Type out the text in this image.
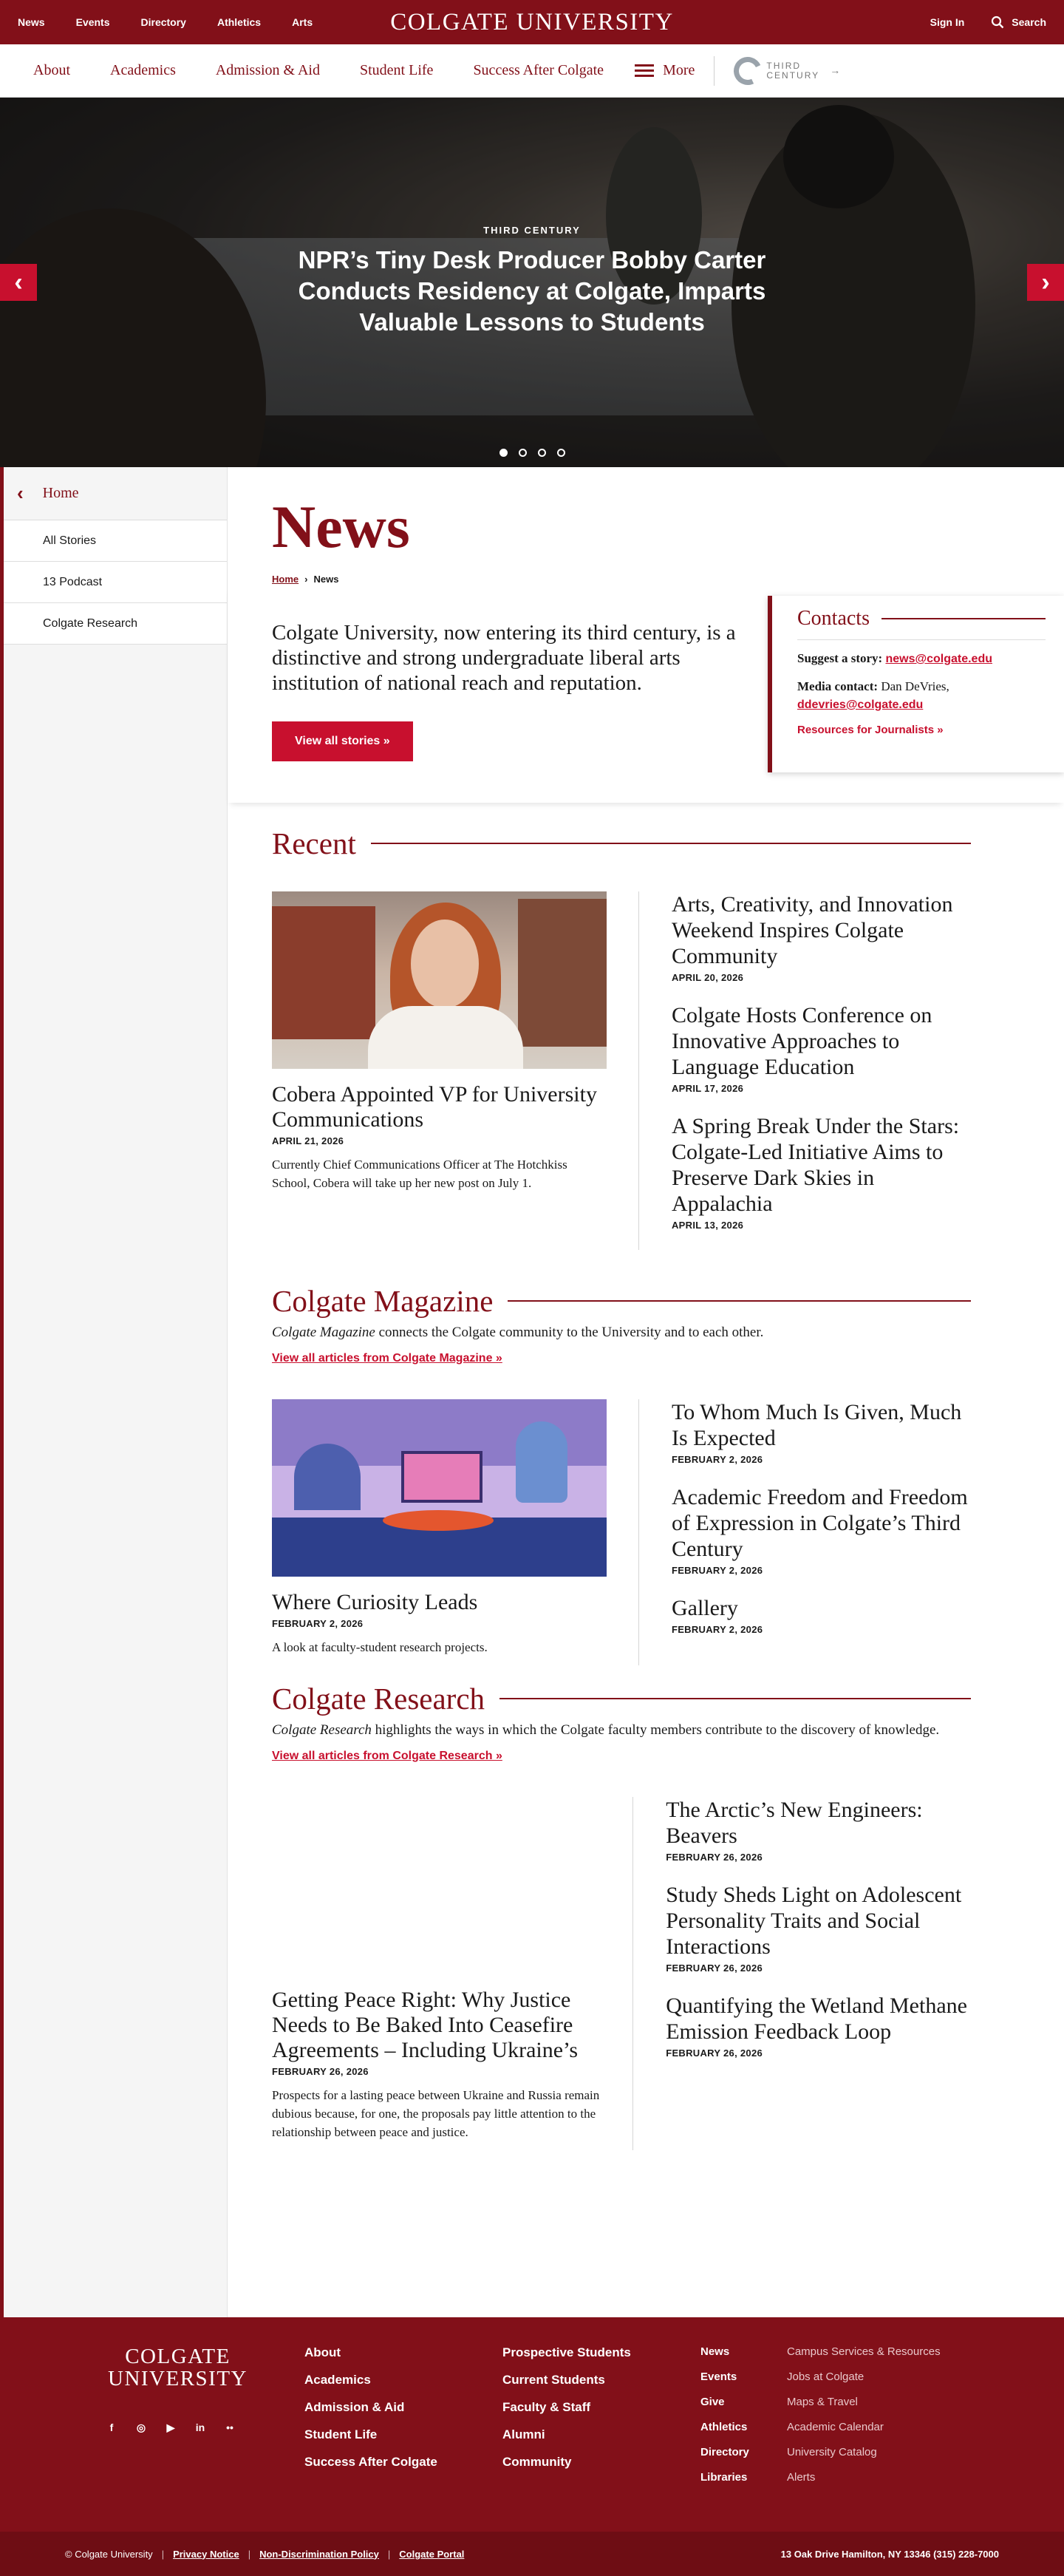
News	Events	Directory	Athletics	Arts	COLGATE UNIVERSITY	Sign In	Search
About	Academics	Admission & Aid	Student Life	Success After Colgate	More	THIRD
CENTURY →
THIRD CENTURY
NPR’s Tiny Desk Producer Bobby Carter Conducts Residency at Colgate, Imparts Valuable Lessons to Students
‹	›
‹ Home
All Stories
13 Podcast
Colgate Research
News
Home › News

Colgate University, now entering its third century, is a distinctive and strong undergraduate liberal arts institution of national reach and reputation.

View all stories »
Contacts

Suggest a story: news@colgate.edu

Media contact: Dan DeVries, ddevries@colgate.edu

Resources for Journalists »
Recent
Cobera Appointed VP for University Communications
APRIL 21, 2026

Currently Chief Communications Officer at The Hotchkiss School, Cobera will take up her new post on July 1.

Arts, Creativity, and Innovation Weekend Inspires Colgate Community
APRIL 20, 2026
Colgate Hosts Conference on Innovative Approaches to Language Education
APRIL 17, 2026
A Spring Break Under the Stars: Colgate-Led Initiative Aims to Preserve Dark Skies in Appalachia
APRIL 13, 2026
Colgate Magazine

Colgate Magazine connects the Colgate community to the University and to each other.

View all articles from Colgate Magazine »
Where Curiosity Leads
FEBRUARY 2, 2026

A look at faculty-student research projects.

To Whom Much Is Given, Much Is Expected
FEBRUARY 2, 2026
Academic Freedom and Freedom of Expression in Colgate’s Third Century
FEBRUARY 2, 2026
Gallery
FEBRUARY 2, 2026
Colgate Research

Colgate Research highlights the ways in which the Colgate faculty members contribute to the discovery of knowledge.

View all articles from Colgate Research »
Getting Peace Right: Why Justice Needs to Be Baked Into Ceasefire Agreements – Including Ukraine’s
FEBRUARY 26, 2026

Prospects for a lasting peace between Ukraine and Russia remain dubious because, for one, the proposals pay little attention to the relationship between peace and justice.

The Arctic’s New Engineers: Beavers
FEBRUARY 26, 2026
Study Sheds Light on Adolescent Personality Traits and Social Interactions
FEBRUARY 26, 2026
Quantifying the Wetland Methane Emission Feedback Loop
FEBRUARY 26, 2026
COLGATE
UNIVERSITY
f	◎	▶	in	••
About
Academics
Admission & Aid
Student Life
Success After Colgate
Prospective Students
Current Students
Faculty & Staff
Alumni
Community
News
Events
Give
Athletics
Directory
Libraries
Campus Services & Resources
Jobs at Colgate
Maps & Travel
Academic Calendar
University Catalog
Alerts
© Colgate University | Privacy Notice | Non-Discrimination Policy | Colgate Portal	13 Oak Drive Hamilton, NY 13346 (315) 228-7000
